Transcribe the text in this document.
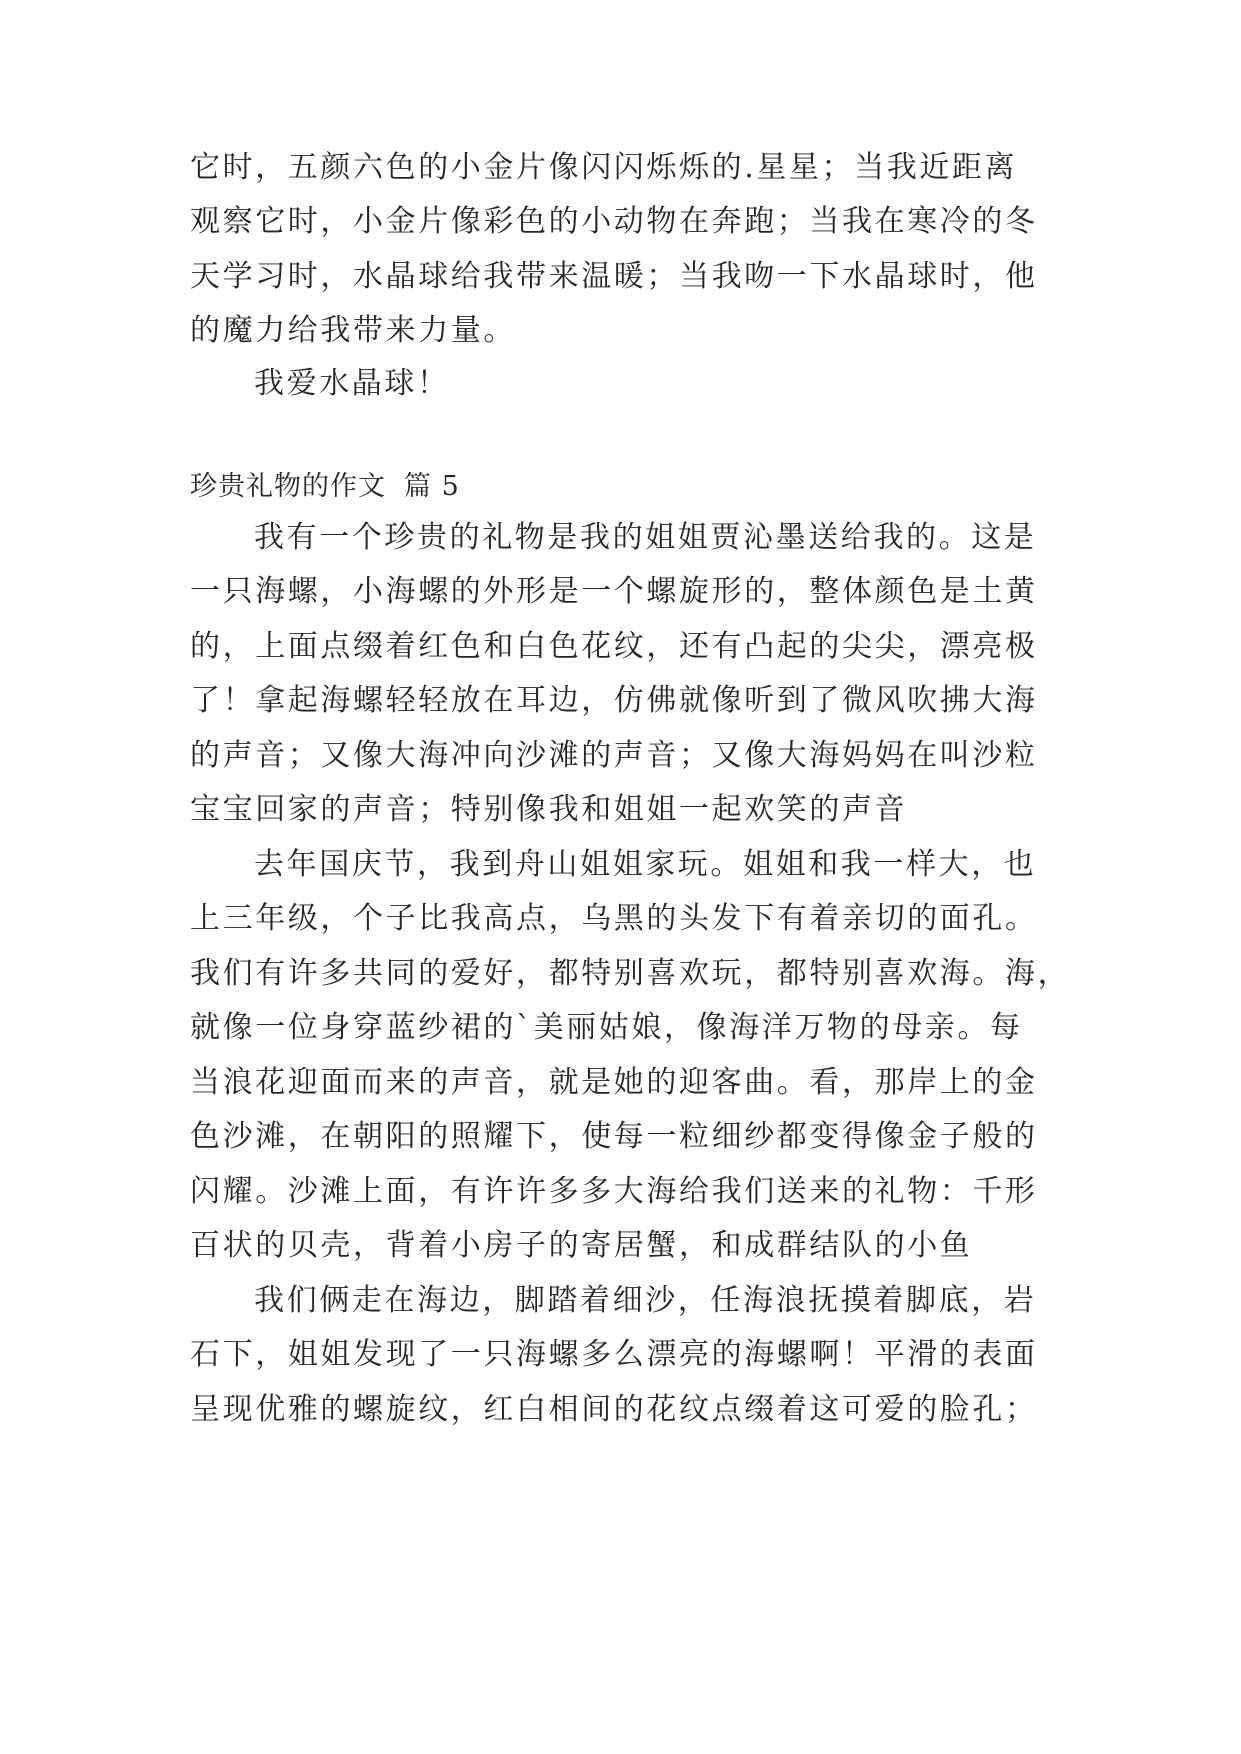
它时，五颜六色的小金片像闪闪烁烁的.星星；当我近距离
观察它时，小金片像彩色的小动物在奔跑；当我在寒冷的冬
天学习时，水晶球给我带来温暖；当我吻一下水晶球时，他
的魔力给我带来力量。
我爱水晶球！
珍贵礼物的作文 篇 5
我有一个珍贵的礼物是我的姐姐贾沁墨送给我的。这是
一只海螺，小海螺的外形是一个螺旋形的，整体颜色是土黄
的，上面点缀着红色和白色花纹，还有凸起的尖尖，漂亮极
了！拿起海螺轻轻放在耳边，仿佛就像听到了微风吹拂大海
的声音；又像大海冲向沙滩的声音；又像大海妈妈在叫沙粒
宝宝回家的声音；特别像我和姐姐一起欢笑的声音
去年国庆节，我到舟山姐姐家玩。姐姐和我一样大，也
上三年级，个子比我高点，乌黑的头发下有着亲切的面孔。
我们有许多共同的爱好，都特别喜欢玩，都特别喜欢海。海，
就像一位身穿蓝纱裙的`美丽姑娘，像海洋万物的母亲。每
当浪花迎面而来的声音，就是她的迎客曲。看，那岸上的金
色沙滩，在朝阳的照耀下，使每一粒细纱都变得像金子般的
闪耀。沙滩上面，有许许多多大海给我们送来的礼物：千形
百状的贝壳，背着小房子的寄居蟹，和成群结队的小鱼
我们俩走在海边，脚踏着细沙，任海浪抚摸着脚底，岩
石下，姐姐发现了一只海螺多么漂亮的海螺啊！平滑的表面
呈现优雅的螺旋纹，红白相间的花纹点缀着这可爱的脸孔；
